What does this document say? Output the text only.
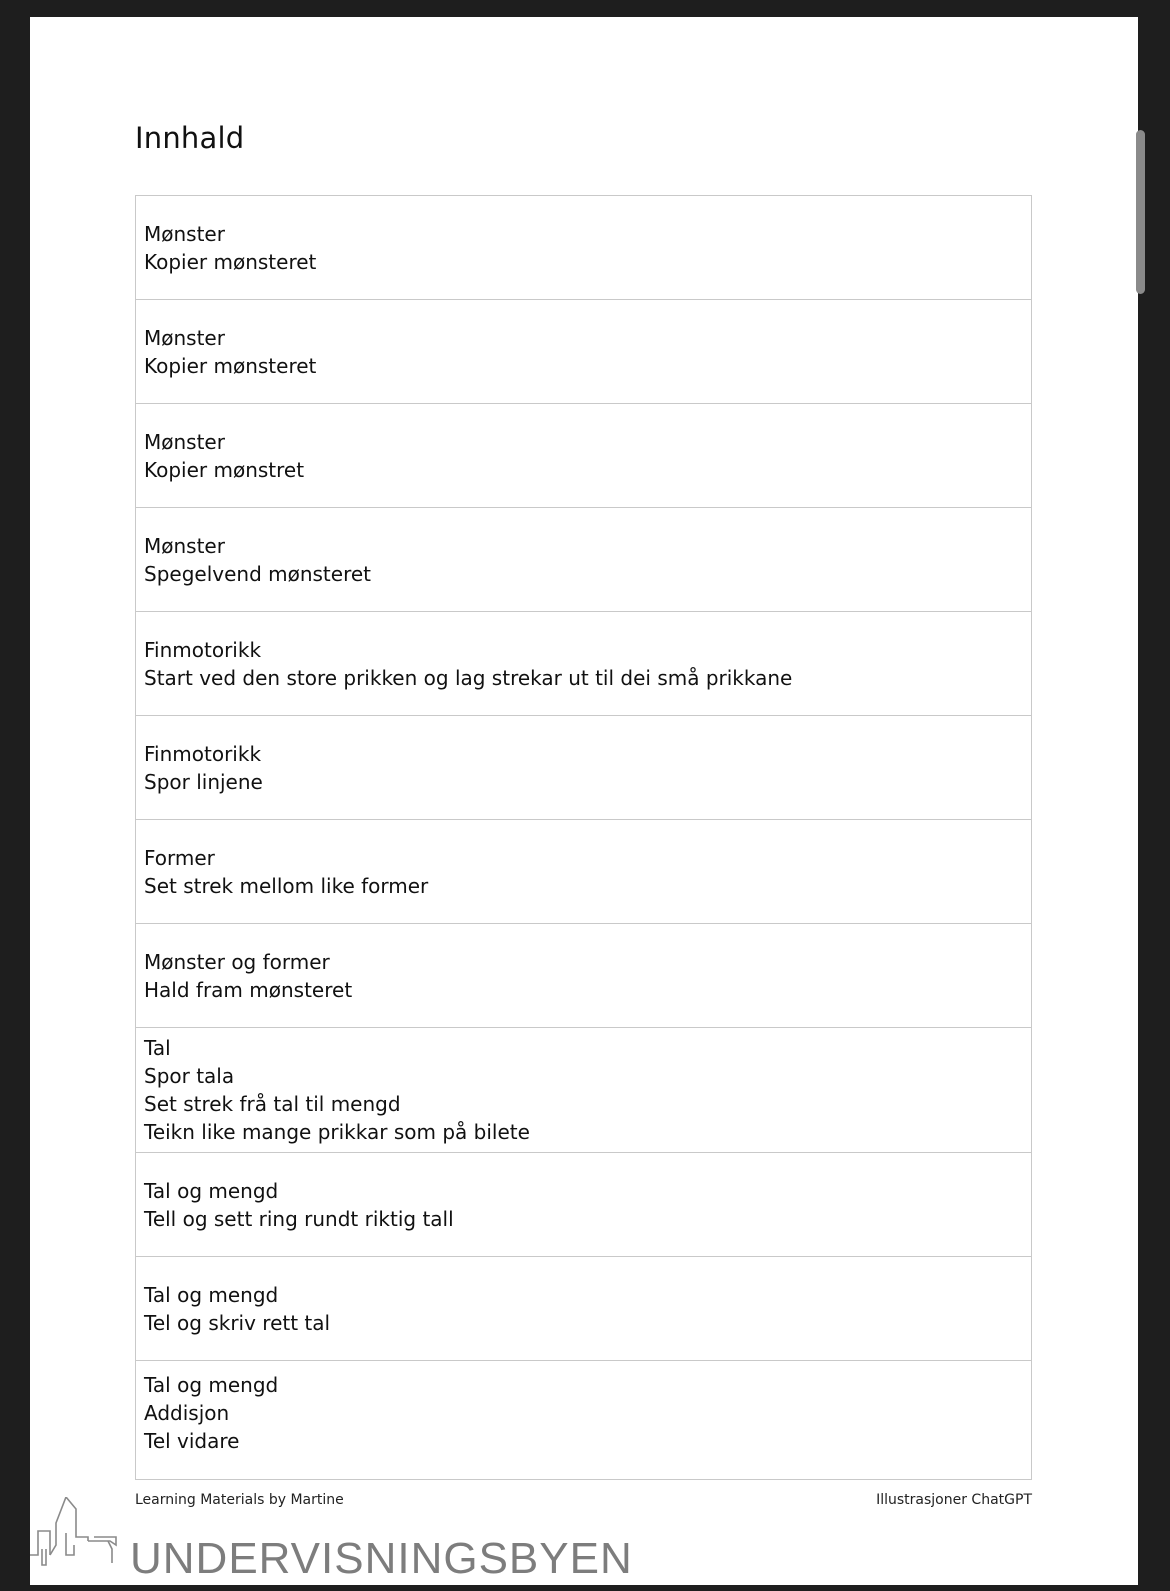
Innhald
Mønster
Kopier mønsteret
Mønster
Kopier mønsteret
Mønster
Kopier mønstret
Mønster
Spegelvend mønsteret
Finmotorikk
Start ved den store prikken og lag strekar ut til dei små prikkane
Finmotorikk
Spor linjene
Former
Set strek mellom like former
Mønster og former
Hald fram mønsteret
Tal
Spor tala
Set strek frå tal til mengd
Teikn like mange prikkar som på bilete
Tal og mengd
Tell og sett ring rundt riktig tall
Tal og mengd
Tel og skriv rett tal
Tal og mengd
Addisjon
Tel vidare
Learning Materials by Martine	Illustrasjoner ChatGPT
UNDERVISNINGSBYEN
